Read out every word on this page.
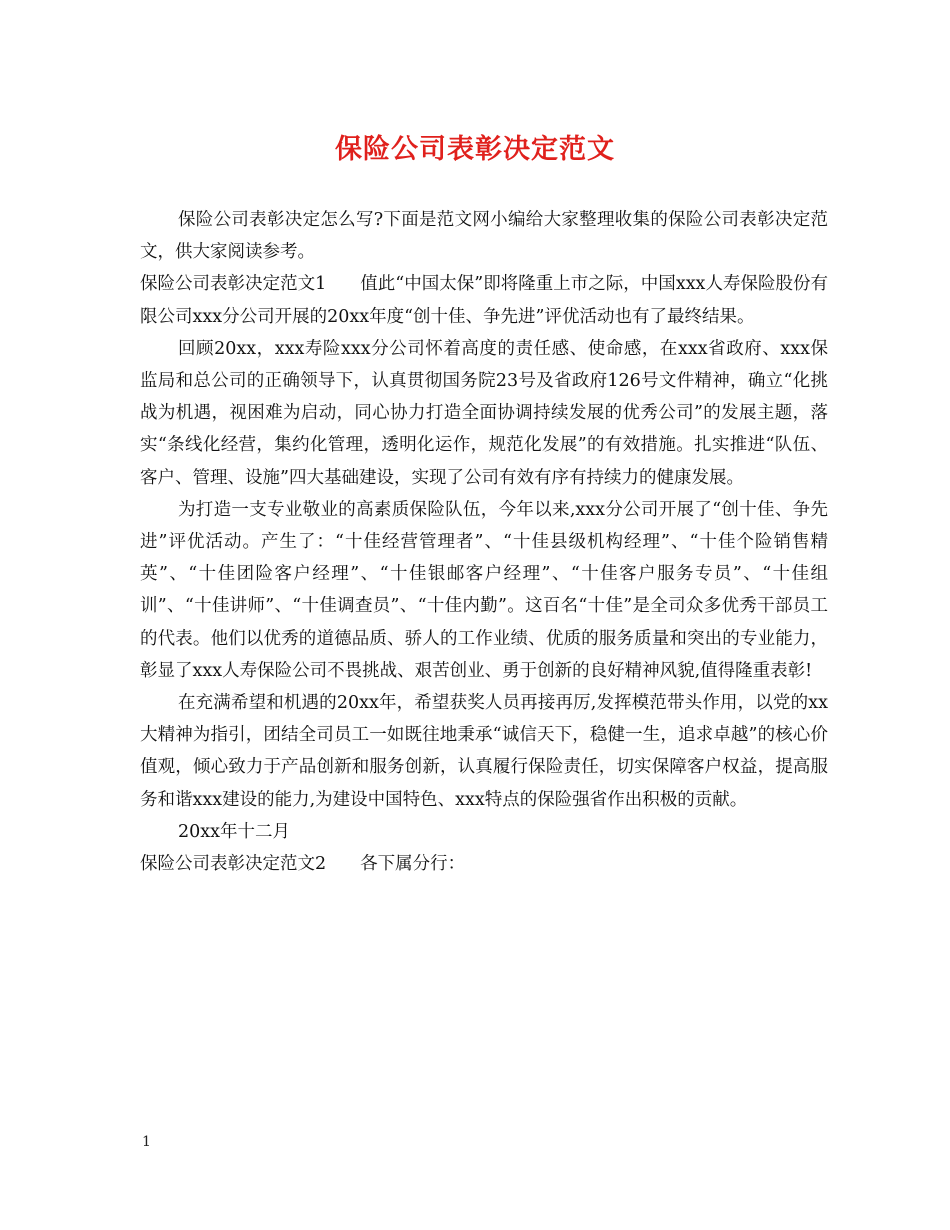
保险公司表彰决定范文

保险公司表彰决定怎么写?下面是范文网小编给大家整理收集的保险公司表彰决定范文，供大家阅读参考。

保险公司表彰决定范文1 值此“中国太保”即将隆重上市之际，中国xxx人寿保险股份有限公司xxx分公司开展的20xx年度“创十佳、争先进”评优活动也有了最终结果。

回顾20xx，xxx寿险xxx分公司怀着高度的责任感、使命感，在xxx省政府、xxx保监局和总公司的正确领导下，认真贯彻国务院23号及省政府126号文件精神，确立“化挑战为机遇，视困难为启动，同心协力打造全面协调持续发展的优秀公司”的发展主题，落实“条线化经营，集约化管理，透明化运作，规范化发展”的有效措施。扎实推进“队伍、客户、管理、设施”四大基础建设，实现了公司有效有序有持续力的健康发展。

为打造一支专业敬业的高素质保险队伍，今年以来,xxx分公司开展了“创十佳、争先进”评优活动。产生了：“十佳经营管理者”、“十佳县级机构经理”、“十佳个险销售精英”、“十佳团险客户经理”、“十佳银邮客户经理”、“十佳客户服务专员”、“十佳组训”、“十佳讲师”、“十佳调查员”、“十佳内勤”。这百名“十佳”是全司众多优秀干部员工的代表。他们以优秀的道德品质、骄人的工作业绩、优质的服务质量和突出的专业能力，彰显了xxx人寿保险公司不畏挑战、艰苦创业、勇于创新的良好精神风貌,值得隆重表彰!

在充满希望和机遇的20xx年，希望获奖人员再接再厉,发挥模范带头作用，以党的xx大精神为指引，团结全司员工一如既往地秉承“诚信天下，稳健一生，追求卓越”的核心价值观，倾心致力于产品创新和服务创新，认真履行保险责任，切实保障客户权益，提高服务和谐xxx建设的能力,为建设中国特色、xxx特点的保险强省作出积极的贡献。

20xx年十二月

保险公司表彰决定范文2 各下属分行：

1
